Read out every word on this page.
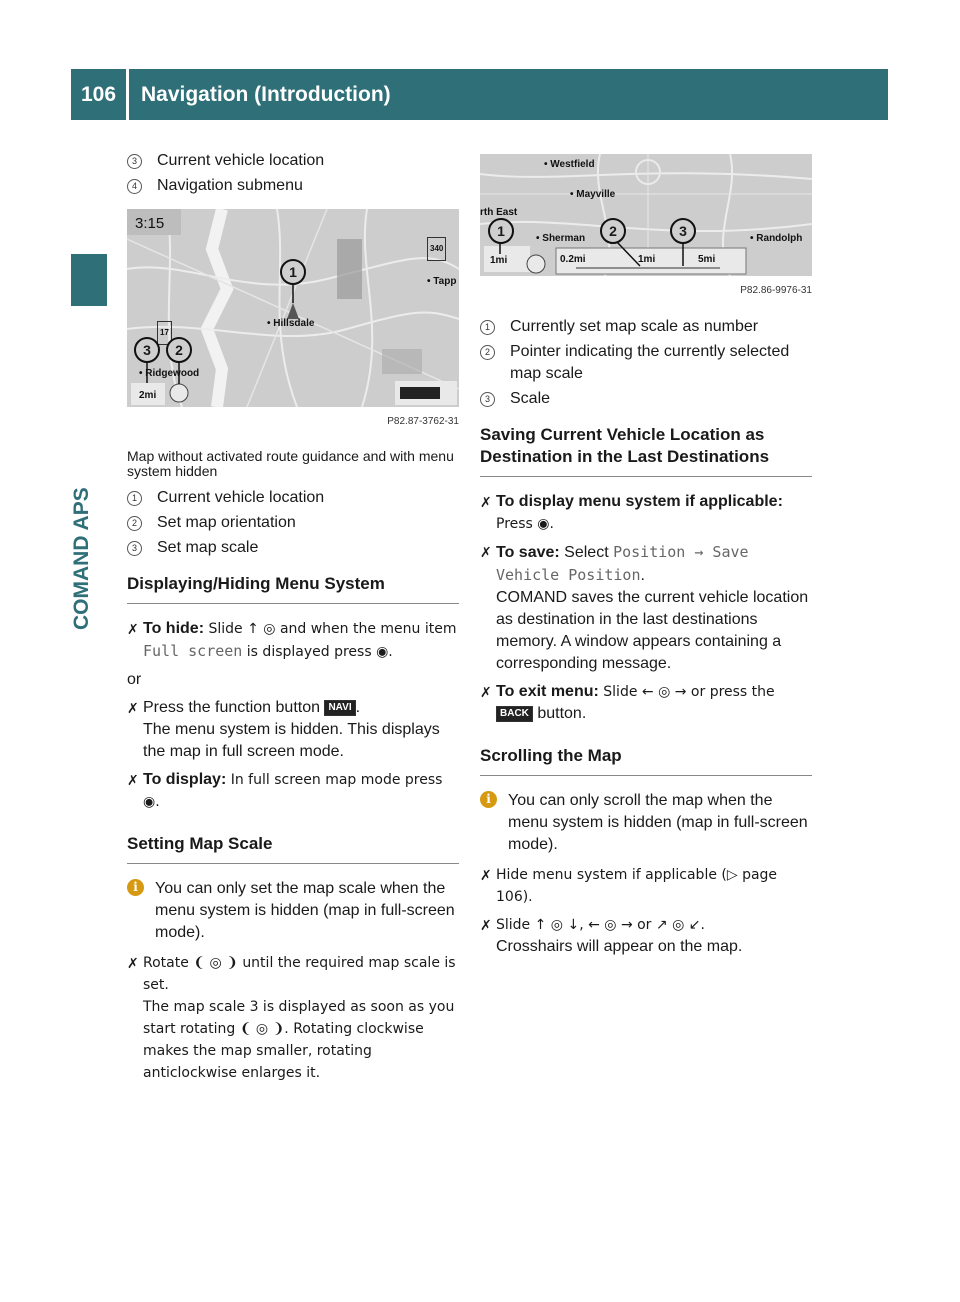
106	Navigation (Introduction)
COMAND APS
3	Current vehicle location
4	Navigation submenu
3:15
340
17
• Tapp
• Hillsdale
• Ridgewood
2mi
1
3	2
P82.87-3762-31
Map without activated route guidance and with menu system hidden
1	Current vehicle location
2	Set map orientation
3	Set map scale
Displaying/Hiding Menu System
✗ To hide: Slide ↑ ◎ and when the menu item Full screen is displayed press ◉.
or
✗ Press the function button NAVI .
The menu system is hidden. This displays the map in full screen mode.
✗ To display: In full screen map mode press ◉.
Setting Map Scale
i	You can only set the map scale when the menu system is hidden (map in full-screen mode).
✗ Rotate ❨ ◎ ❩ until the required map scale is set.
The map scale 3 is displayed as soon as you start rotating ❨ ◎ ❩. Rotating clockwise makes the map smaller, rotating anticlockwise enlarges it.
• Westfield
• Mayville
rth East
• Sherman	• Randolph
1mi	0.2mi	1mi	5mi
1	2	3
P82.86-9976-31
1	Currently set map scale as number
2	Pointer indicating the currently selected map scale
3	Scale
Saving Current Vehicle Location as Destination in the Last Destinations
✗ To display menu system if applicable: Press ◉.
✗ To save: Select Position → Save Vehicle Position.
COMAND saves the current vehicle location as destination in the last destinations memory. A window appears containing a corresponding message.
✗ To exit menu: Slide ← ◎ → or press the BACK button.
Scrolling the Map
i	You can only scroll the map when the menu system is hidden (map in full-screen mode).
✗ Hide menu system if applicable (▷ page 106).
✗ Slide ↑ ◎ ↓, ← ◎ → or ↗ ◎ ↙.
Crosshairs will appear on the map.
